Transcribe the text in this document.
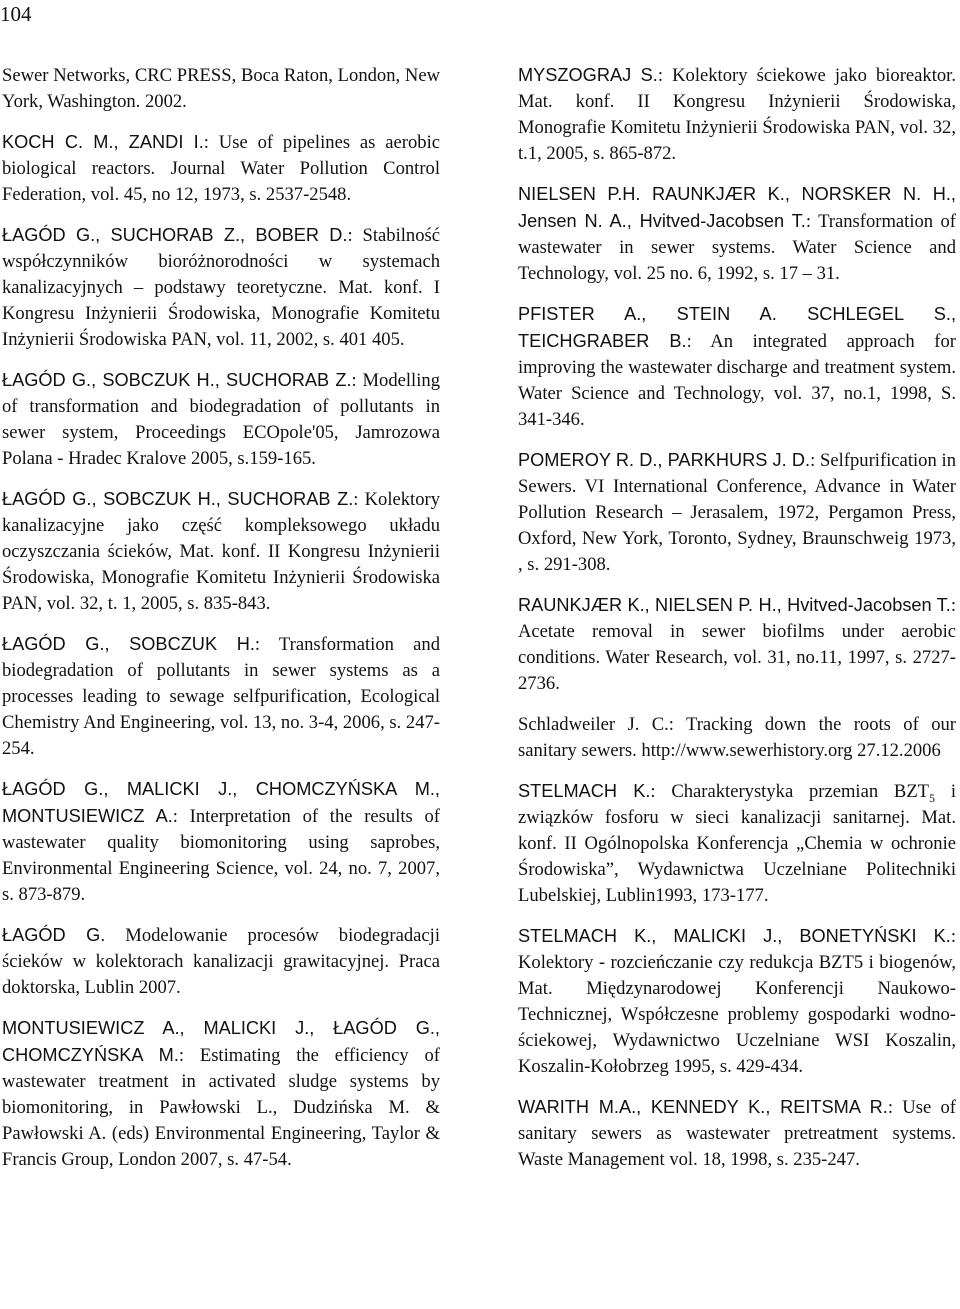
104

Sewer Networks, CRC PRESS, Boca Raton, London, New York, Washington. 2002.

KOCH C. M., ZANDI I.: Use of pipelines as aerobic biological reactors. Journal Water Pollution Control Federation, vol. 45, no 12, 1973, s. 2537-2548.

ŁAGÓD G., SUCHORAB Z., BOBER D.: Stabilność współczynników bioróżnorodności w systemach kanalizacyjnych – podstawy teoretyczne. Mat. konf. I Kongresu Inżynierii Środowiska, Monografie Komitetu Inżynierii Środowiska PAN, vol. 11, 2002, s. 401 405.

ŁAGÓD G., SOBCZUK H., SUCHORAB Z.: Modelling of transformation and biodegradation of pollutants in sewer system, Proceedings ECOpole'05, Jamrozowa Polana - Hradec Kralove 2005, s.159-165.

ŁAGÓD G., SOBCZUK H., SUCHORAB Z.: Kolektory kanalizacyjne jako część kompleksowego układu oczyszczania ścieków, Mat. konf. II Kongresu Inżynierii Środowiska, Monografie Komitetu Inżynierii Środowiska PAN, vol. 32, t. 1, 2005, s. 835-843.

ŁAGÓD G., SOBCZUK H.: Transformation and biodegradation of pollutants in sewer systems as a processes leading to sewage selfpurification, Ecological Chemistry And Engineering, vol. 13, no. 3-4, 2006, s. 247-254.

ŁAGÓD G., MALICKI J., CHOMCZYŃSKA M., MONTUSIEWICZ A.: Interpretation of the results of wastewater quality biomonitoring using saprobes, Environmental Engineering Science, vol. 24, no. 7, 2007, s. 873-879.

ŁAGÓD G. Modelowanie procesów biodegradacji ścieków w kolektorach kanalizacji grawitacyjnej. Praca doktorska, Lublin 2007.

MONTUSIEWICZ A., MALICKI J., ŁAGÓD G., CHOMCZYŃSKA M.: Estimating the efficiency of wastewater treatment in activated sludge systems by biomonitoring, in Pawłowski L., Dudzińska M. & Pawłowski A. (eds) Environmental Engineering, Taylor & Francis Group, London 2007, s. 47-54.

MYSZOGRAJ S.: Kolektory ściekowe jako bioreaktor. Mat. konf. II Kongresu Inżynierii Środowiska, Monografie Komitetu Inżynierii Środowiska PAN, vol. 32, t.1, 2005, s. 865-872.

NIELSEN P.H. RAUNKJÆR K., NORSKER N. H., Jensen N. A., Hvitved-Jacobsen T.: Transformation of wastewater in sewer systems. Water Science and Technology, vol. 25 no. 6, 1992, s. 17 – 31.

PFISTER A., STEIN A. SCHLEGEL S., TEICHGRABER B.: An integrated approach for improving the wastewater discharge and treatment system. Water Science and Technology, vol. 37, no.1, 1998, S. 341-346.

POMEROY R. D., PARKHURS J. D.: Selfpurification in Sewers. VI International Conference, Advance in Water Pollution Research – Jerasalem, 1972, Pergamon Press, Oxford, New York, Toronto, Sydney, Braunschweig 1973, , s. 291-308.

RAUNKJÆR K., NIELSEN P. H., Hvitved-Jacobsen T.: Acetate removal in sewer biofilms under aerobic conditions. Water Research, vol. 31, no.11, 1997, s. 2727-2736.

Schladweiler J. C.: Tracking down the roots of our sanitary sewers. http://www.sewerhistory.org 27.12.2006

STELMACH K.: Charakterystyka przemian $BZT_5$ i związków fosforu w sieci kanalizacji sanitarnej. Mat. konf. II Ogólnopolska Konferencja „Chemia w ochronie Środowiska”, Wydawnictwa Uczelniane Politechniki Lubelskiej, Lublin1993, 173-177.

STELMACH K., MALICKI J., BONETYŃSKI K.: Kolektory - rozcieńczanie czy redukcja BZT5 i biogenów, Mat. Międzynarodowej Konferencji Naukowo-Technicznej, Współczesne problemy gospodarki wodno-ściekowej, Wydawnictwo Uczelniane WSI Koszalin, Koszalin-Kołobrzeg 1995, s. 429-434.

WARITH M.A., KENNEDY K., REITSMA R.: Use of sanitary sewers as wastewater pretreatment systems. Waste Management vol. 18, 1998, s. 235-247.
